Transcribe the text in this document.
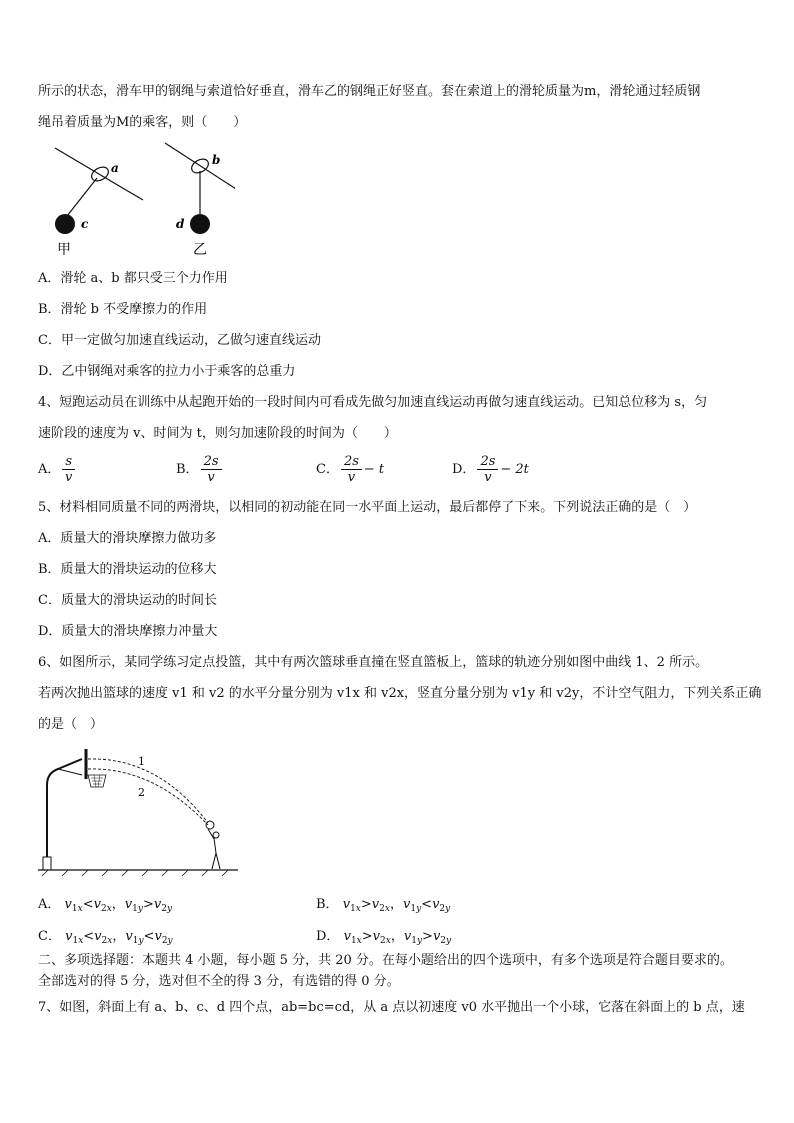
所示的状态，滑车甲的钢绳与索道恰好垂直，滑车乙的钢绳正好竖直。套在索道上的滑轮质量为m，滑轮通过轻质钢
绳吊着质量为M的乘客，则（　　）
a
c
甲
b
d
乙
A．滑轮 a、b 都只受三个力作用
B．滑轮 b 不受摩擦力的作用
C．甲一定做匀加速直线运动，乙做匀速直线运动
D．乙中钢绳对乘客的拉力小于乘客的总重力
4、短跑运动员在训练中从起跑开始的一段时间内可看成先做匀加速直线运动再做匀速直线运动。已知总位移为 s，匀
速阶段的速度为 v、时间为 t，则匀加速阶段的时间为（　　）
A． $\frac{s}{v}$	B． $\frac{2s}{v}$	C． $\frac{2s}{v} - t$	D． $\frac{2s}{v} - 2t$
5、材料相同质量不同的两滑块，以相同的初动能在同一水平面上运动，最后都停了下来。下列说法正确的是（　）
A．质量大的滑块摩擦力做功多
B．质量大的滑块运动的位移大
C．质量大的滑块运动的时间长
D．质量大的滑块摩擦力冲量大
6、如图所示，某同学练习定点投篮，其中有两次篮球垂直撞在竖直篮板上，篮球的轨迹分别如图中曲线 1、2 所示。
若两次抛出篮球的速度 v1 和 v2 的水平分量分别为 v1x 和 v2x，竖直分量分别为 v1y 和 v2y，不计空气阻力，下列关系正确
的是（　）
1
2
A． $v_{1x}<v_{2x}$，$v_{1y}>v_{2y}$	B． $v_{1x}>v_{2x}$，$v_{1y}<v_{2y}$
C． $v_{1x}<v_{2x}$，$v_{1y}<v_{2y}$	D． $v_{1x}>v_{2x}$，$v_{1y}>v_{2y}$
二、多项选择题：本题共 4 小题，每小题 5 分，共 20 分。在每小题给出的四个选项中，有多个选项是符合题目要求的。
全部选对的得 5 分，选对但不全的得 3 分，有选错的得 0 分。
7、如图，斜面上有 a、b、c、d 四个点，ab=bc=cd，从 a 点以初速度 v0 水平抛出一个小球，它落在斜面上的 b 点，速
